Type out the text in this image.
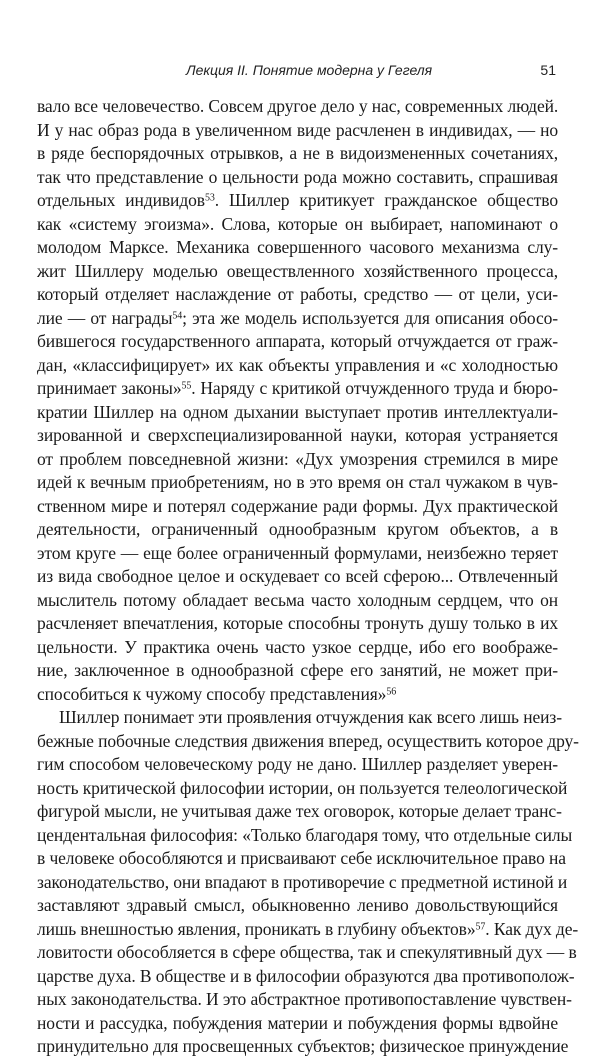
Лекция II. Понятие модерна у Гегеля	51
вало все человечество. Совсем другое дело у нас, современных людей.
И у нас образ рода в увеличенном виде расчленен в индивидах, — но
в ряде беспорядочных отрывков, а не в видоизмененных сочетаниях,
так что представление о цельности рода можно составить, спрашивая
отдельных индивидов$^{53}$. Шиллер критикует гражданское общество
как «систему эгоизма». Слова, которые он выбирает, напоминают о
молодом Марксе. Механика совершенного часового механизма слу-
жит Шиллеру моделью овеществленного хозяйственного процесса,
который отделяет наслаждение от работы, средство — от цели, уси-
лие — от награды$^{54}$; эта же модель используется для описания обосо-
бившегося государственного аппарата, который отчуждается от граж-
дан, «классифицирует» их как объекты управления и «с холодностью
принимает законы»$^{55}$. Наряду с критикой отчужденного труда и бюро-
кратии Шиллер на одном дыхании выступает против интеллектуали-
зированной и сверхспециализированной науки, которая устраняется
от проблем повседневной жизни: «Дух умозрения стремился в мире
идей к вечным приобретениям, но в это время он стал чужаком в чув-
ственном мире и потерял содержание ради формы. Дух практической
деятельности, ограниченный однообразным кругом объектов, а в
этом круге — еще более ограниченный формулами, неизбежно теряет
из вида свободное целое и оскудевает со всей сферою... Отвлеченный
мыслитель потому обладает весьма часто холодным сердцем, что он
расчленяет впечатления, которые способны тронуть душу только в их
цельности. У практика очень часто узкое сердце, ибо его воображе-
ние, заключенное в однообразной сфере его занятий, не может при-
способиться к чужому способу представления»$^{56}$
Шиллер понимает эти проявления отчуждения как всего лишь неиз-
бежные побочные следствия движения вперед, осуществить которое дру-
гим способом человеческому роду не дано. Шиллер разделяет уверен-
ность критической философии истории, он пользуется телеологической
фигурой мысли, не учитывая даже тех оговорок, которые делает транс-
цендентальная философия: «Только благодаря тому, что отдельные силы
в человеке обособляются и присваивают себе исключительное право на
законодательство, они впадают в противоречие с предметной истиной и
заставляют здравый смысл, обыкновенно лениво довольствующийся
лишь внешностью явления, проникать в глубину объектов»$^{57}$. Как дух де-
ловитости обособляется в сфере общества, так и спекулятивный дух — в
царстве духа. В обществе и в философии образуются два противополож-
ных законодательства. И это абстрактное противопоставление чувствен-
ности и рассудка, побуждения материи и побуждения формы вдвойне
принудительно для просвещенных субъектов; физическое принуждение
